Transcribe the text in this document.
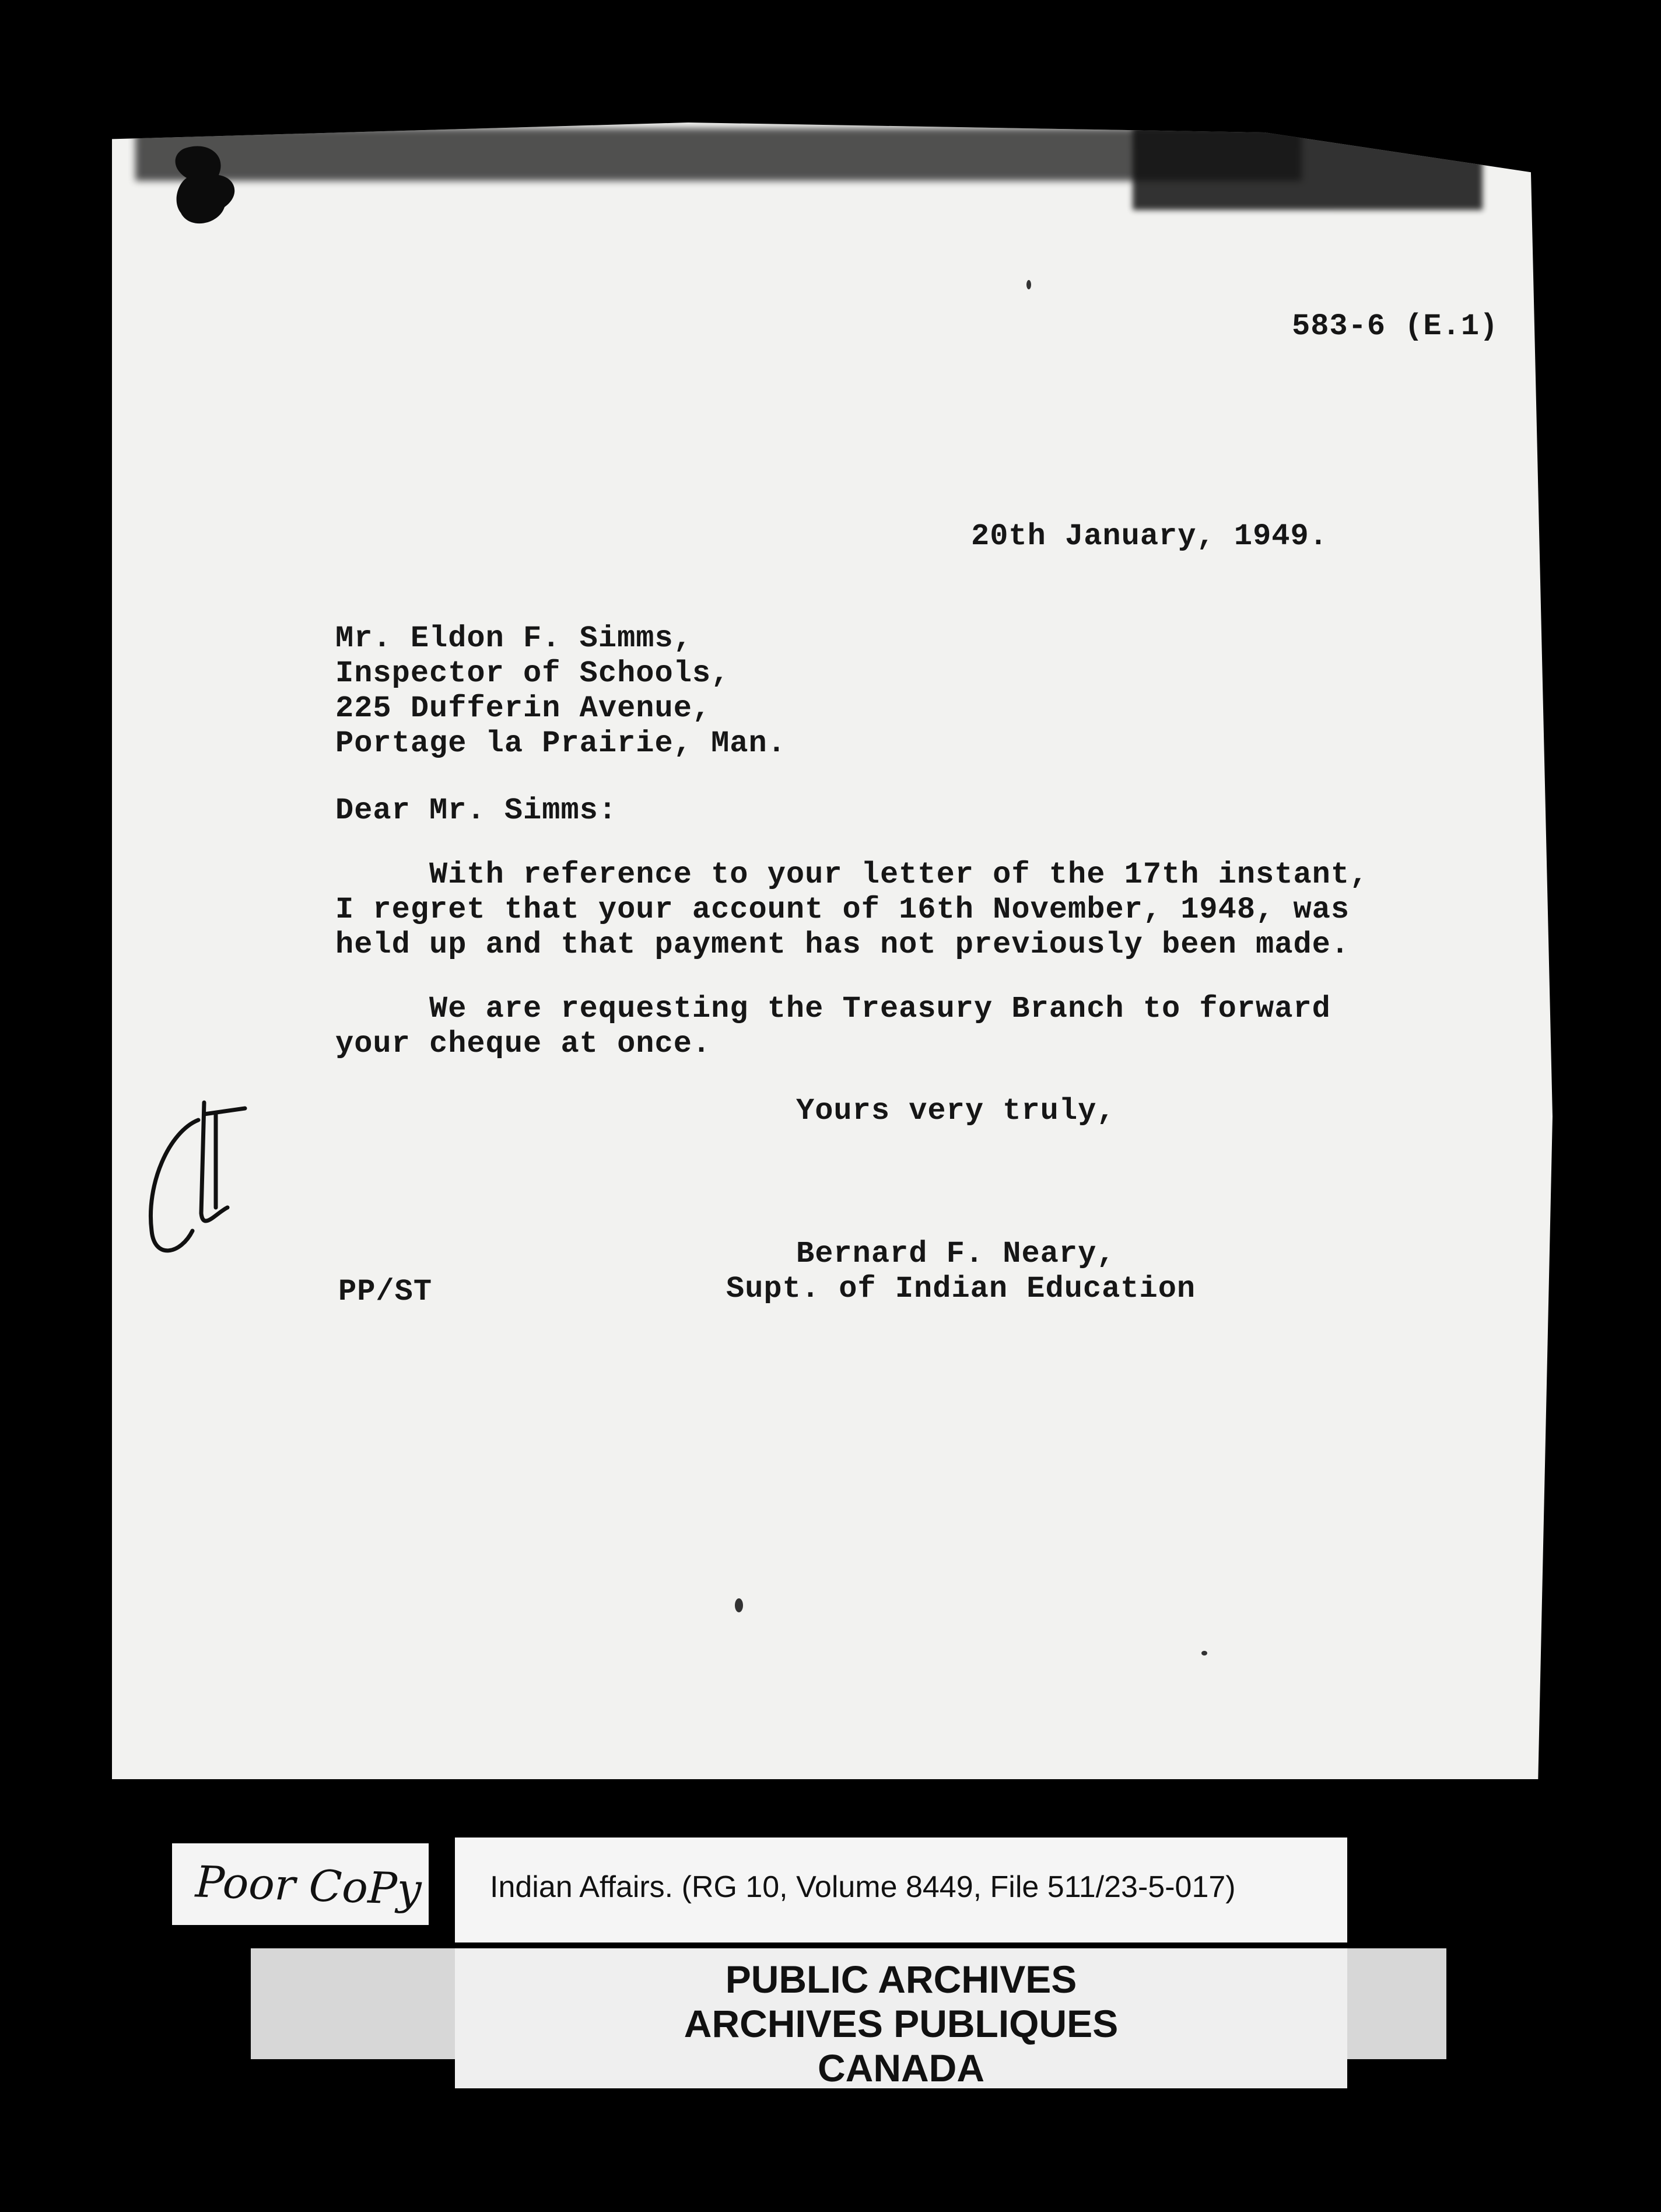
583-6 (E.1)
20th January, 1949.
Mr. Eldon F. Simms,
Inspector of Schools,
225 Dufferin Avenue,
Portage la Prairie, Man.
Dear Mr. Simms:
With reference to your letter of the 17th instant,
I regret that your account of 16th November, 1948, was
held up and that payment has not previously been made.
We are requesting the Treasury Branch to forward
your cheque at once.
Yours very truly,
Bernard F. Neary,
Supt. of Indian Education
PP/ST
Poor CoPy Indian Affairs. (RG 10, Volume 8449, File 511/23-5-017)
PUBLIC ARCHIVES
ARCHIVES PUBLIQUES
CANADA
